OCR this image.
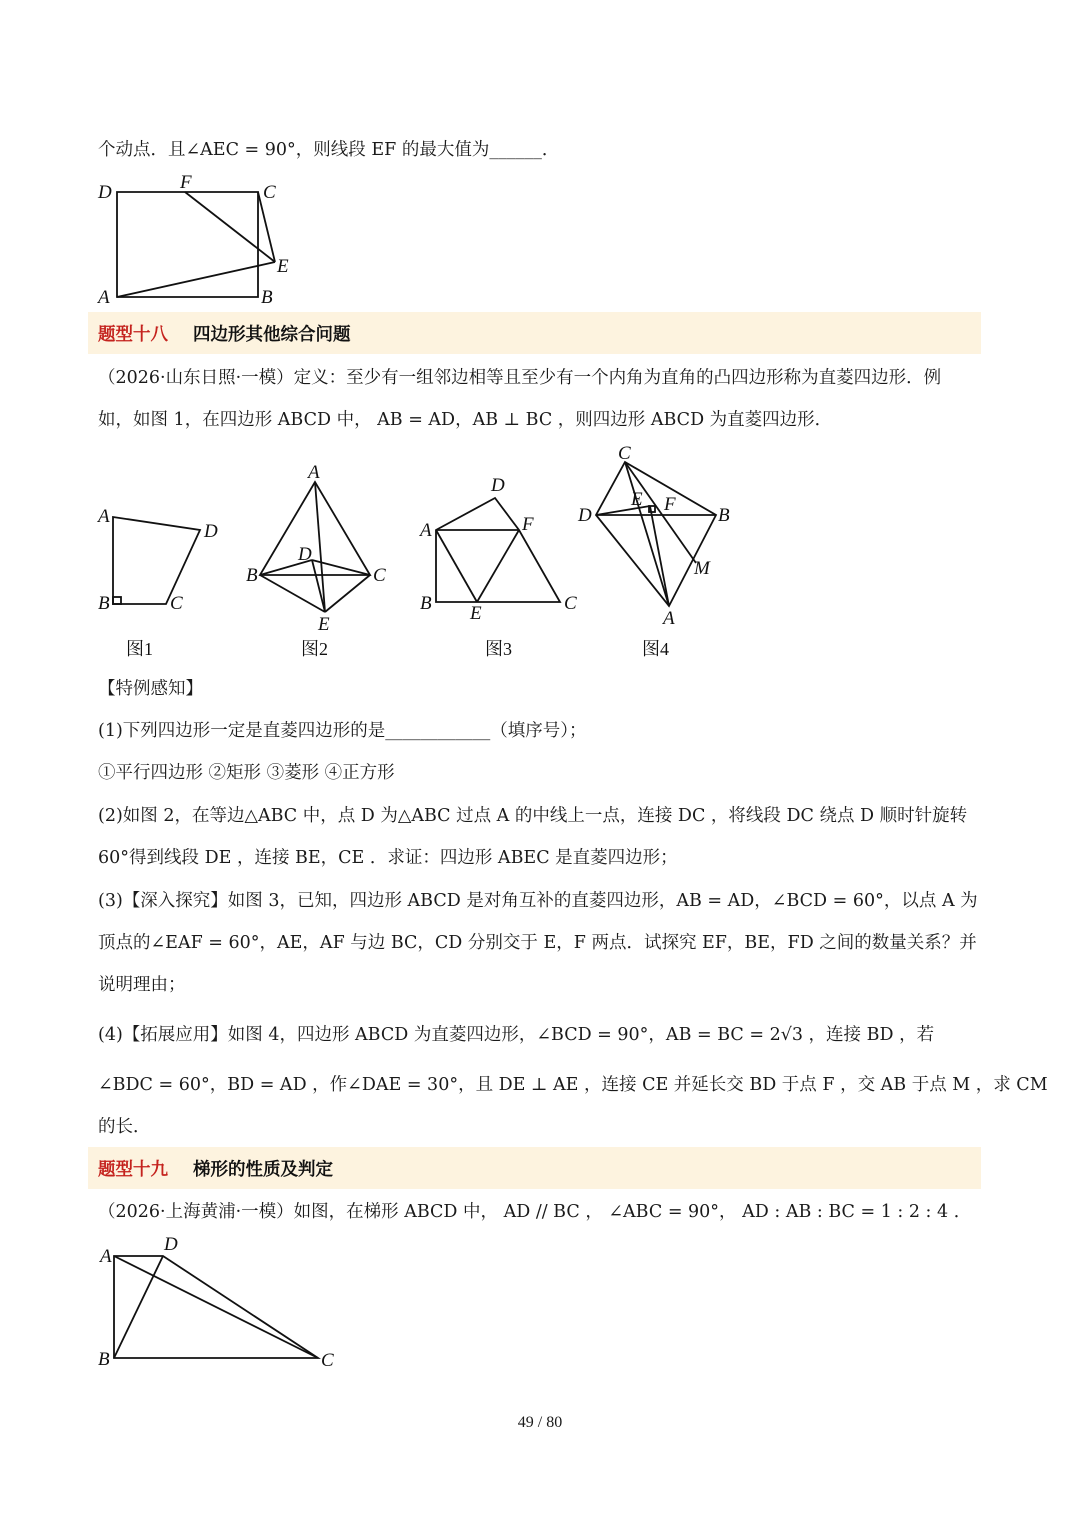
个动点．且∠AEC = 90°，则线段 EF 的最大值为______．
D	F	C
E
A	B
题型十八 四边形其他综合问题
（2026·山东日照·一模）定义：至少有一组邻边相等且至少有一个内角为直角的凸四边形称为直菱四边形．例
如，如图 1，在四边形 ABCD 中， AB = AD，AB ⊥ BC ，则四边形 ABCD 为直菱四边形．
A
D
B	C
A
D
B	C
E
D
A	F
B E	C
C
E F
D	B
M
A
图1	图2	图3	图4
【特例感知】
(1)下列四边形一定是直菱四边形的是____________（填序号）；
①平行四边形 ②矩形 ③菱形 ④正方形
(2)如图 2，在等边△ABC 中，点 D 为△ABC 过点 A 的中线上一点，连接 DC ，将线段 DC 绕点 D 顺时针旋转
60°得到线段 DE ，连接 BE，CE ．求证：四边形 ABEC 是直菱四边形；
(3)【深入探究】如图 3，已知，四边形 ABCD 是对角互补的直菱四边形，AB = AD，∠BCD = 60°，以点 A 为
顶点的∠EAF = 60°，AE，AF 与边 BC，CD 分别交于 E，F 两点．试探究 EF，BE，FD 之间的数量关系？并
说明理由；
(4)【拓展应用】如图 4，四边形 ABCD 为直菱四边形，∠BCD = 90°，AB = BC = 2√3 ，连接 BD ，若
∠BDC = 60°，BD = AD ，作∠DAE = 30°，且 DE ⊥ AE ，连接 CE 并延长交 BD 于点 F ，交 AB 于点 M ，求 CM
的长．
题型十九 梯形的性质及判定
（2026·上海黄浦·一模）如图，在梯形 ABCD 中， AD // BC ， ∠ABC = 90°， AD : AB : BC = 1 : 2 : 4 ．
A
D
B	C
49 / 80
